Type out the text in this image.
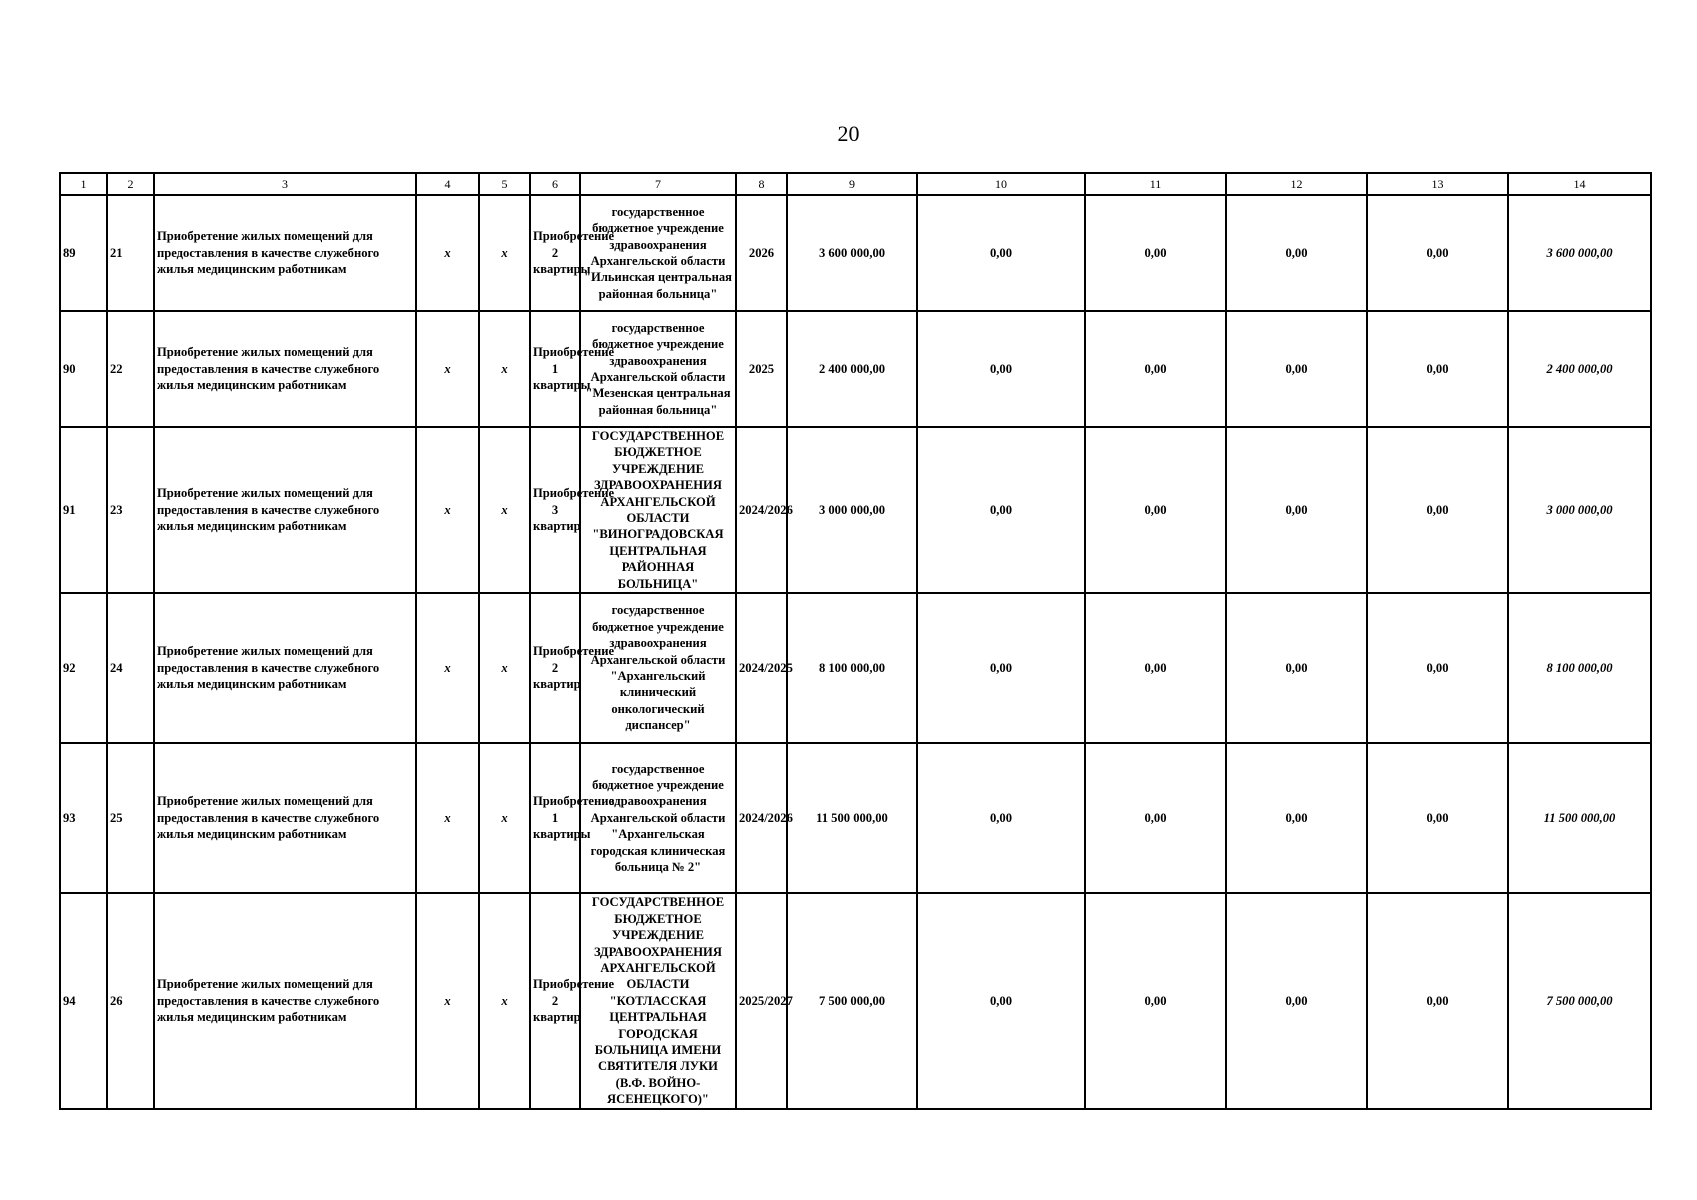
20
1	2	3	4	5	6	7	8	9	10	11	12	13	14
89	21	Приобретение жилых помещений для предоставления в качестве служебного жилья медицинским работникам	x	x	Приобретение 2 квартиры	государственное бюджетное учреждение здравоохранения Архангельской области "Ильинская центральная районная больница"	2026	3 600 000,00	0,00	0,00	0,00	0,00	3 600 000,00
90	22	Приобретение жилых помещений для предоставления в качестве служебного жилья медицинским работникам	x	x	Приобретение 1 квартиры	государственное бюджетное учреждение здравоохранения Архангельской области "Мезенская центральная районная больница"	2025	2 400 000,00	0,00	0,00	0,00	0,00	2 400 000,00
91	23	Приобретение жилых помещений для предоставления в качестве служебного жилья медицинским работникам	x	x	Приобретение 3 квартир	ГОСУДАРСТВЕННОЕ БЮДЖЕТНОЕ УЧРЕЖДЕНИЕ ЗДРАВООХРАНЕНИЯ АРХАНГЕЛЬСКОЙ ОБЛАСТИ "ВИНОГРАДОВСКАЯ ЦЕНТРАЛЬНАЯ РАЙОННАЯ БОЛЬНИЦА"	2024/2026	3 000 000,00	0,00	0,00	0,00	0,00	3 000 000,00
92	24	Приобретение жилых помещений для предоставления в качестве служебного жилья медицинским работникам	x	x	Приобретение 2 квартир	государственное бюджетное учреждение здравоохранения Архангельской области "Архангельский клинический онкологический диспансер"	2024/2025	8 100 000,00	0,00	0,00	0,00	0,00	8 100 000,00
93	25	Приобретение жилых помещений для предоставления в качестве служебного жилья медицинским работникам	x	x	Приобретение 1 квартиры	государственное бюджетное учреждение здравоохранения Архангельской области "Архангельская городская клиническая больница № 2"	2024/2026	11 500 000,00	0,00	0,00	0,00	0,00	11 500 000,00
94	26	Приобретение жилых помещений для предоставления в качестве служебного жилья медицинским работникам	x	x	Приобретение 2 квартир	ГОСУДАРСТВЕННОЕ БЮДЖЕТНОЕ УЧРЕЖДЕНИЕ ЗДРАВООХРАНЕНИЯ АРХАНГЕЛЬСКОЙ ОБЛАСТИ "КОТЛАССКАЯ ЦЕНТРАЛЬНАЯ ГОРОДСКАЯ БОЛЬНИЦА ИМЕНИ СВЯТИТЕЛЯ ЛУКИ (В.Ф. ВОЙНО-ЯСЕНЕЦКОГО)"	2025/2027	7 500 000,00	0,00	0,00	0,00	0,00	7 500 000,00
